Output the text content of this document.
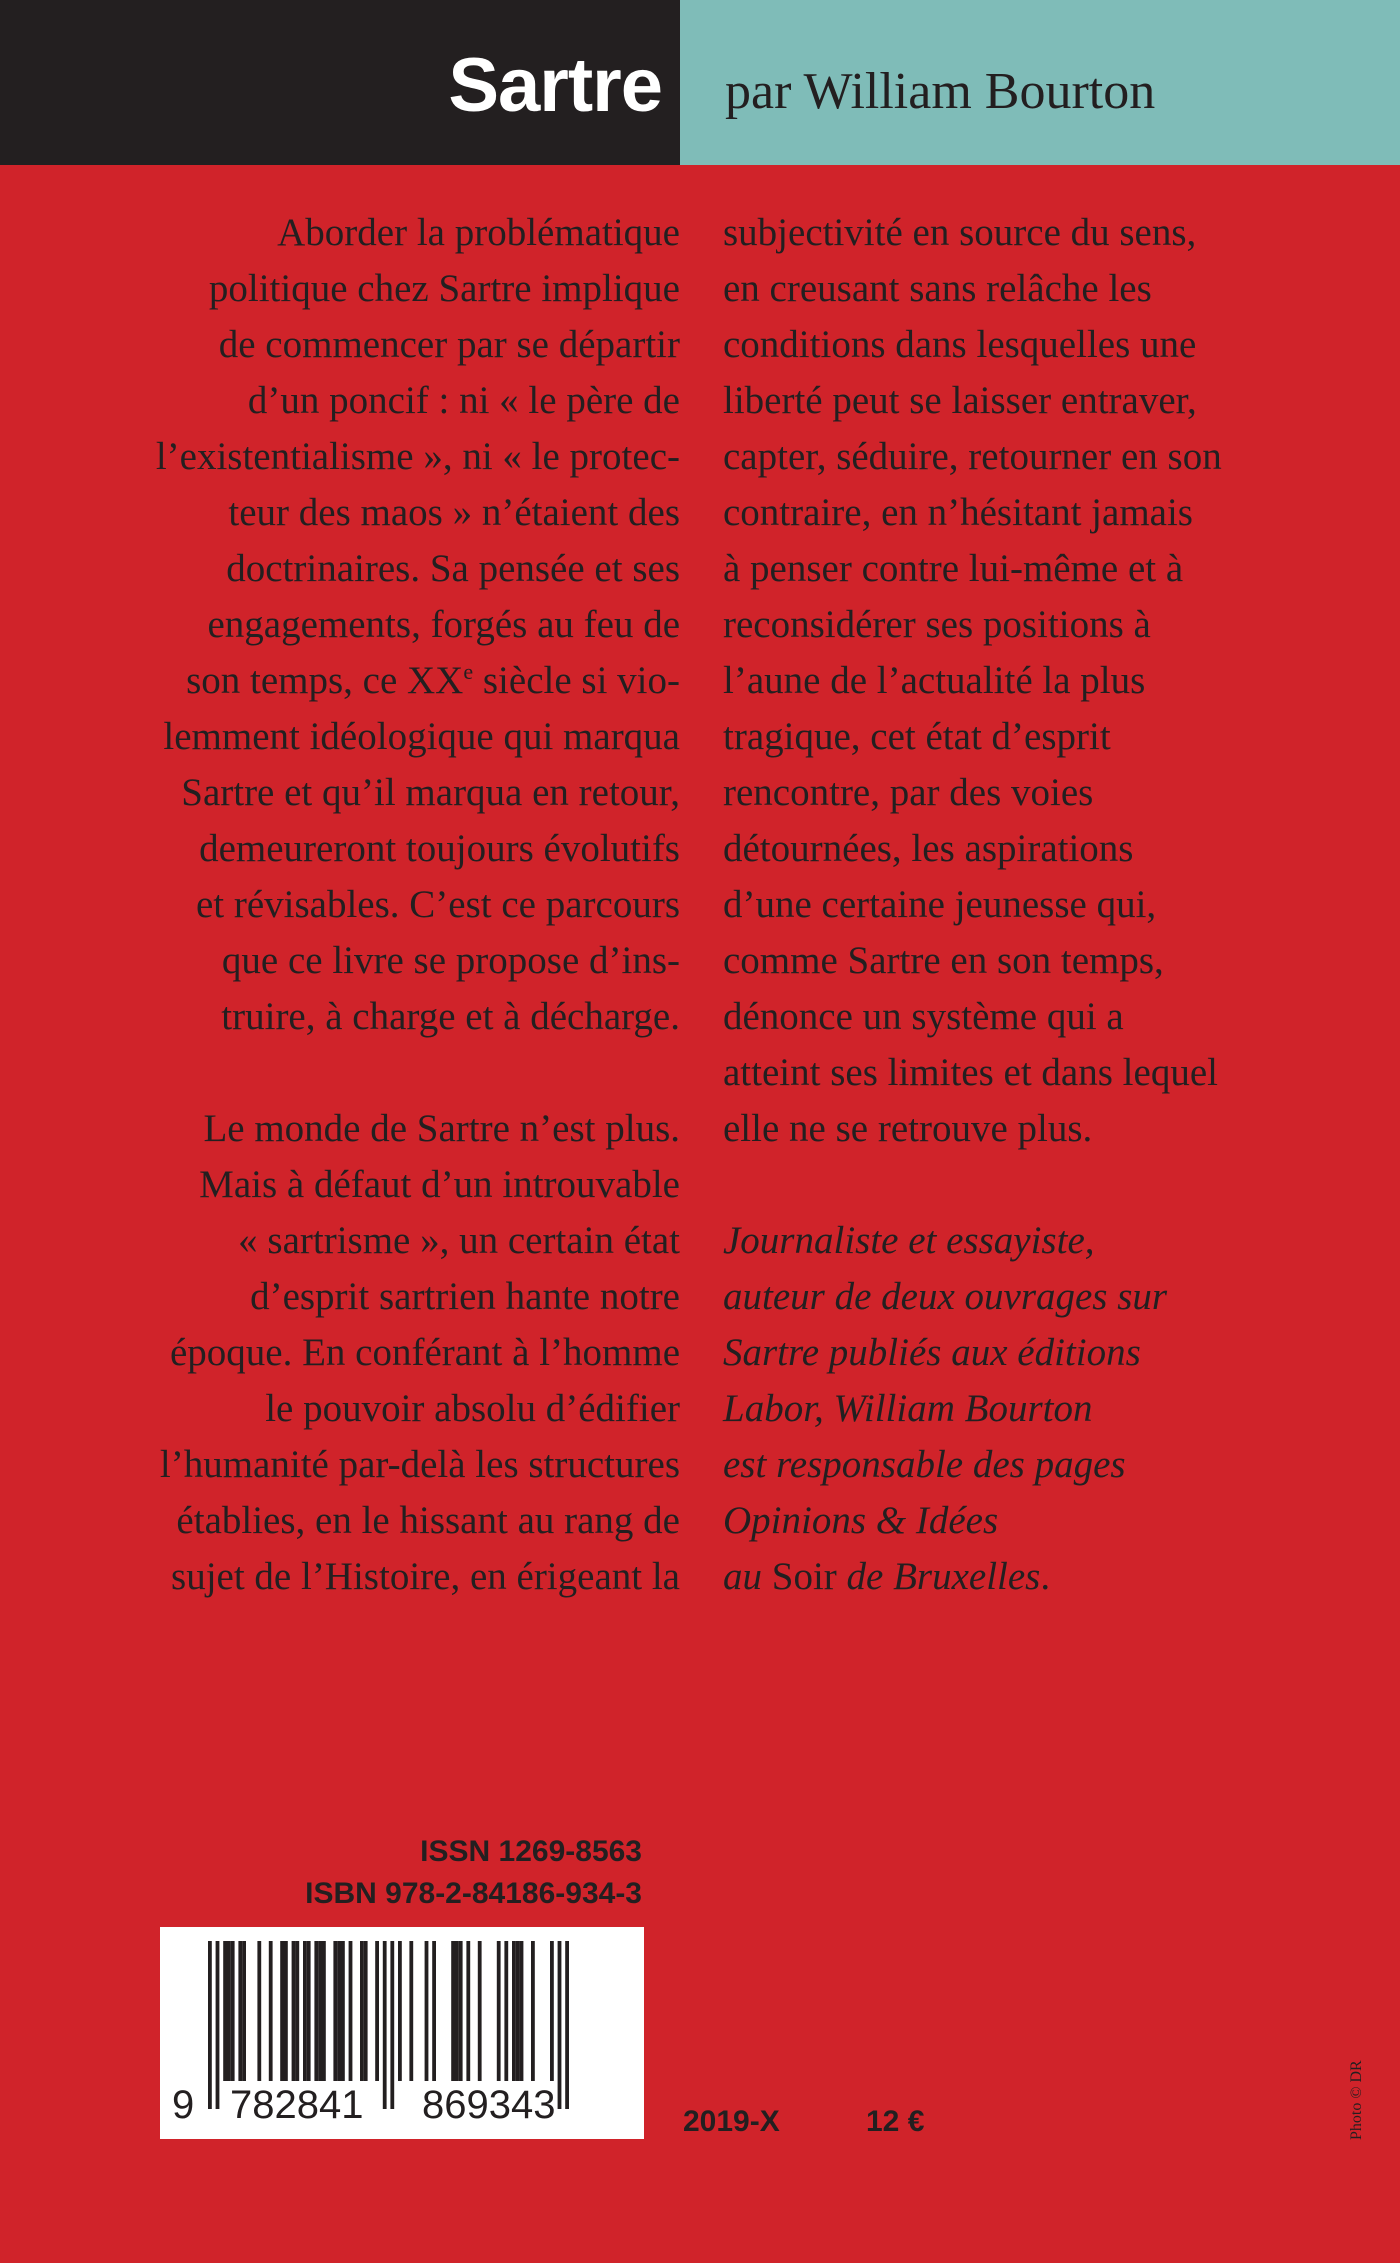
Sartre par William Bourton

Aborder la problématique

politique chez Sartre implique

de commencer par se départir

d’un poncif : ni « le père de

l’existentialisme », ni « le protec-

teur des maos » n’étaient des

doctrinaires. Sa pensée et ses

engagements, forgés au feu de

son temps, ce XXe siècle si vio-

lemment idéologique qui marqua

Sartre et qu’il marqua en retour,

demeureront toujours évolutifs

et révisables. C’est ce parcours

que ce livre se propose d’ins-

truire, à charge et à décharge.

Le monde de Sartre n’est plus.

Mais à défaut d’un introuvable

« sartrisme », un certain état

d’esprit sartrien hante notre

époque. En conférant à l’homme

le pouvoir absolu d’édifier

l’humanité par-delà les structures

établies, en le hissant au rang de

sujet de l’Histoire, en érigeant la

subjectivité en source du sens,

en creusant sans relâche les

conditions dans lesquelles une

liberté peut se laisser entraver,

capter, séduire, retourner en son

contraire, en n’hésitant jamais

à penser contre lui-même et à

reconsidérer ses positions à

l’aune de l’actualité la plus

tragique, cet état d’esprit

rencontre, par des voies

détournées, les aspirations

d’une certaine jeunesse qui,

comme Sartre en son temps,

dénonce un système qui a

atteint ses limites et dans lequel

elle ne se retrouve plus.

Journaliste et essayiste,

auteur de deux ouvrages sur

Sartre publiés aux éditions

Labor, William Bourton

est responsable des pages

Opinions & Idées

au Soir de Bruxelles.

ISSN 1269-8563
ISBN 978-2-84186-934-3
9 782841 869343	2019-X	12 €	Photo © DR
